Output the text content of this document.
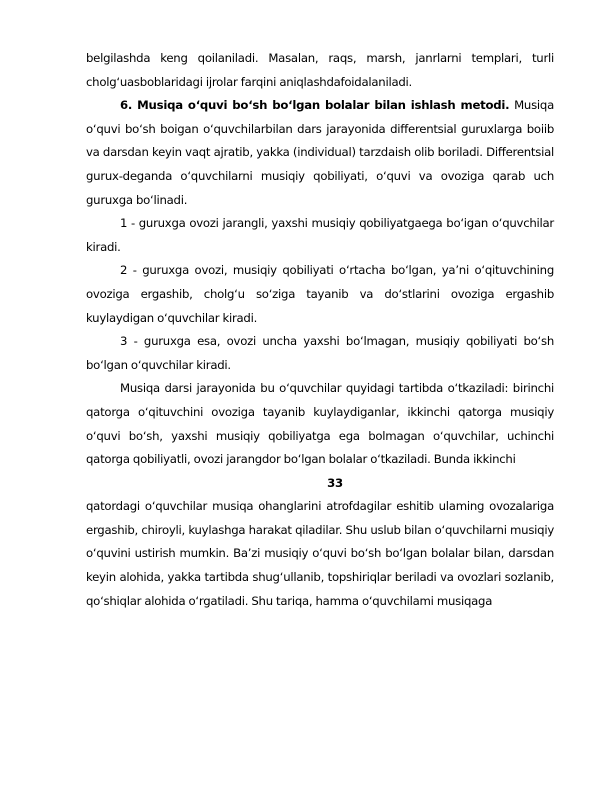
belgilashda keng qoilaniladi. Masalan, raqs, marsh, janrlarni templari, turli cholg‘uasboblaridagi ijrolar farqini aniqlashdafoidalaniladi.

6. Musiqa o‘quvi bo‘sh bo‘lgan bolalar bilan ishlash metodi. Musiqa o‘quvi bo‘sh boigan o‘quvchilarbilan dars jarayonida differentsial guruxlarga boiib va darsdan keyin vaqt ajratib, yakka (individual) tarzdaish olib boriladi. Differentsial gurux-deganda o‘quvchilarni musiqiy qobiliyati, o‘quvi va ovoziga qarab uch guruxga bo‘linadi.

1 - guruxga ovozi jarangli, yaxshi musiqiy qobiliyatgaega bo‘igan o‘quvchilar kiradi.

2 - guruxga ovozi, musiqiy qobiliyati o‘rtacha bo‘lgan, ya’ni o‘qituvchining ovoziga ergashib, cholg‘u so‘ziga tayanib va do‘stlarini ovoziga ergashib kuylaydigan o‘quvchilar kiradi.

3 - guruxga esa, ovozi uncha yaxshi bo‘lmagan, musiqiy qobiliyati bo‘sh bo‘lgan o‘quvchilar kiradi.

Musiqa darsi jarayonida bu o‘quvchilar quyidagi tartibda o‘tkaziladi: birinchi qatorga o‘qituvchini ovoziga tayanib kuylaydiganlar, ikkinchi qatorga musiqiy o‘quvi bo‘sh, yaxshi musiqiy qobiliyatga ega bolmagan o‘quvchilar, uchinchi qatorga qobiliyatli, ovozi jarangdor bo‘lgan bolalar o‘tkaziladi. Bunda ikkinchi

33

qatordagi o‘quvchilar musiqa ohanglarini atrofdagilar eshitib ulaming ovozalariga ergashib, chiroyli, kuylashga harakat qiladilar. Shu uslub bilan o‘quvchilarni musiqiy o‘quvini ustirish mumkin. Ba’zi musiqiy o‘quvi bo‘sh bo‘lgan bolalar bilan, darsdan keyin alohida, yakka tartibda shug‘ullanib, topshiriqlar beriladi va ovozlari sozlanib, qo‘shiqlar alohida o‘rgatiladi. Shu tariqa, hamma o‘quvchilami musiqaga
